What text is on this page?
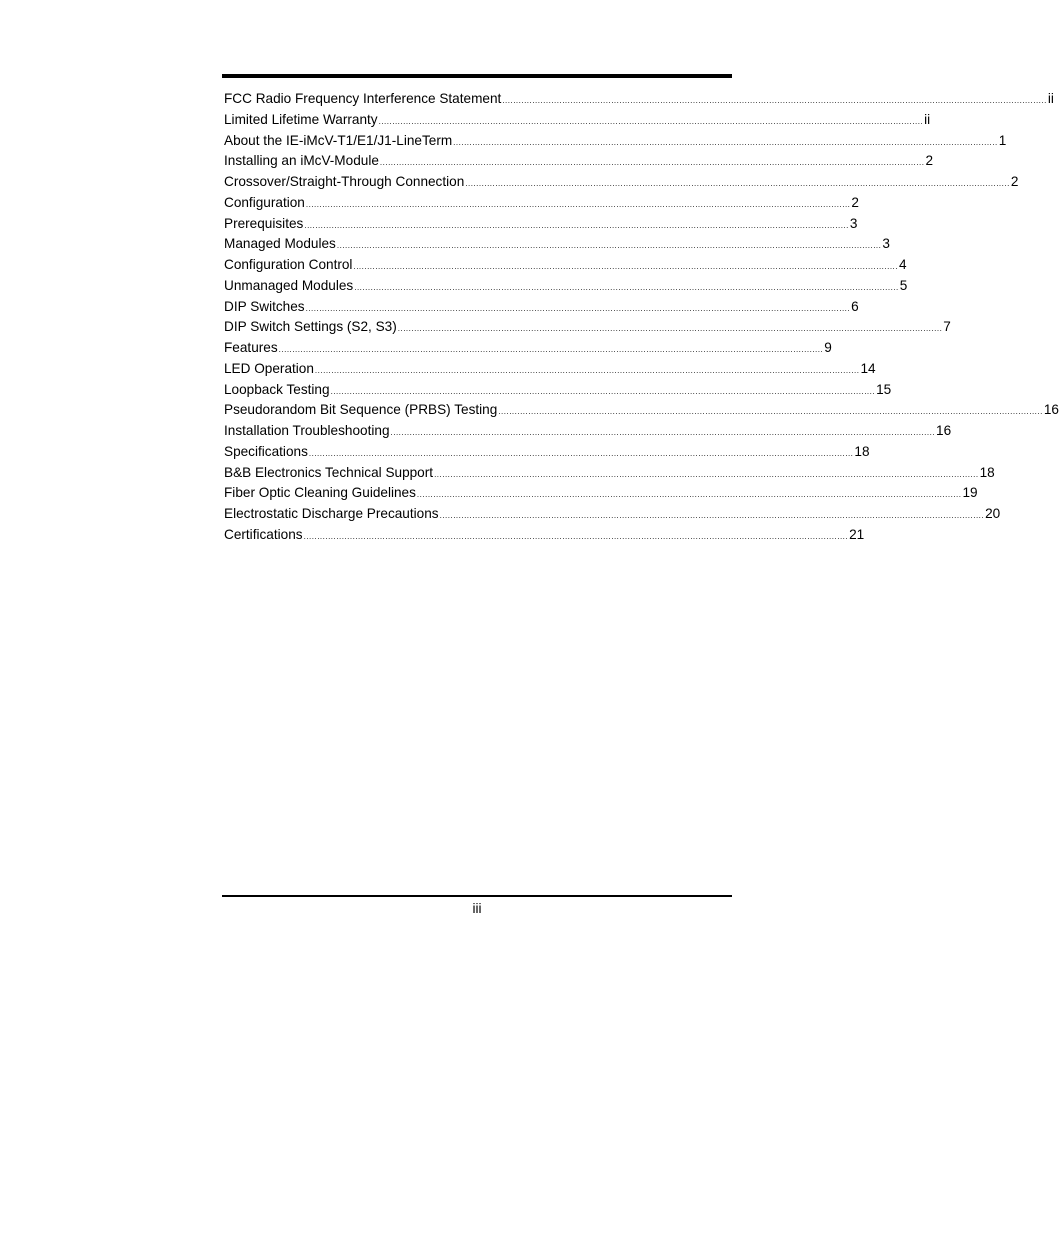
FCC Radio Frequency Interference Statement ........................................................................................................................................................................................................ ii
Limited Lifetime Warranty ........................................................................................................................................................................................................ ii
About the IE-iMcV-T1/E1/J1-LineTerm ........................................................................................................................................................................................................ 1
Installing an iMcV-Module ........................................................................................................................................................................................................ 2
Crossover/Straight-Through Connection ........................................................................................................................................................................................................ 2
Configuration ........................................................................................................................................................................................................ 2
Prerequisites ........................................................................................................................................................................................................ 3
Managed Modules ........................................................................................................................................................................................................ 3
Configuration Control ........................................................................................................................................................................................................ 4
Unmanaged Modules ........................................................................................................................................................................................................ 5
DIP Switches ........................................................................................................................................................................................................ 6
DIP Switch Settings (S2, S3) ........................................................................................................................................................................................................ 7
Features ........................................................................................................................................................................................................ 9
LED Operation ........................................................................................................................................................................................................ 14
Loopback Testing ........................................................................................................................................................................................................ 15
Pseudorandom Bit Sequence (PRBS) Testing ........................................................................................................................................................................................................ 16
Installation Troubleshooting ........................................................................................................................................................................................................ 16
Specifications ........................................................................................................................................................................................................ 18
B&B Electronics Technical Support ........................................................................................................................................................................................................ 18
Fiber Optic Cleaning Guidelines ........................................................................................................................................................................................................ 19
Electrostatic Discharge Precautions ........................................................................................................................................................................................................ 20
Certifications ........................................................................................................................................................................................................ 21
iii
